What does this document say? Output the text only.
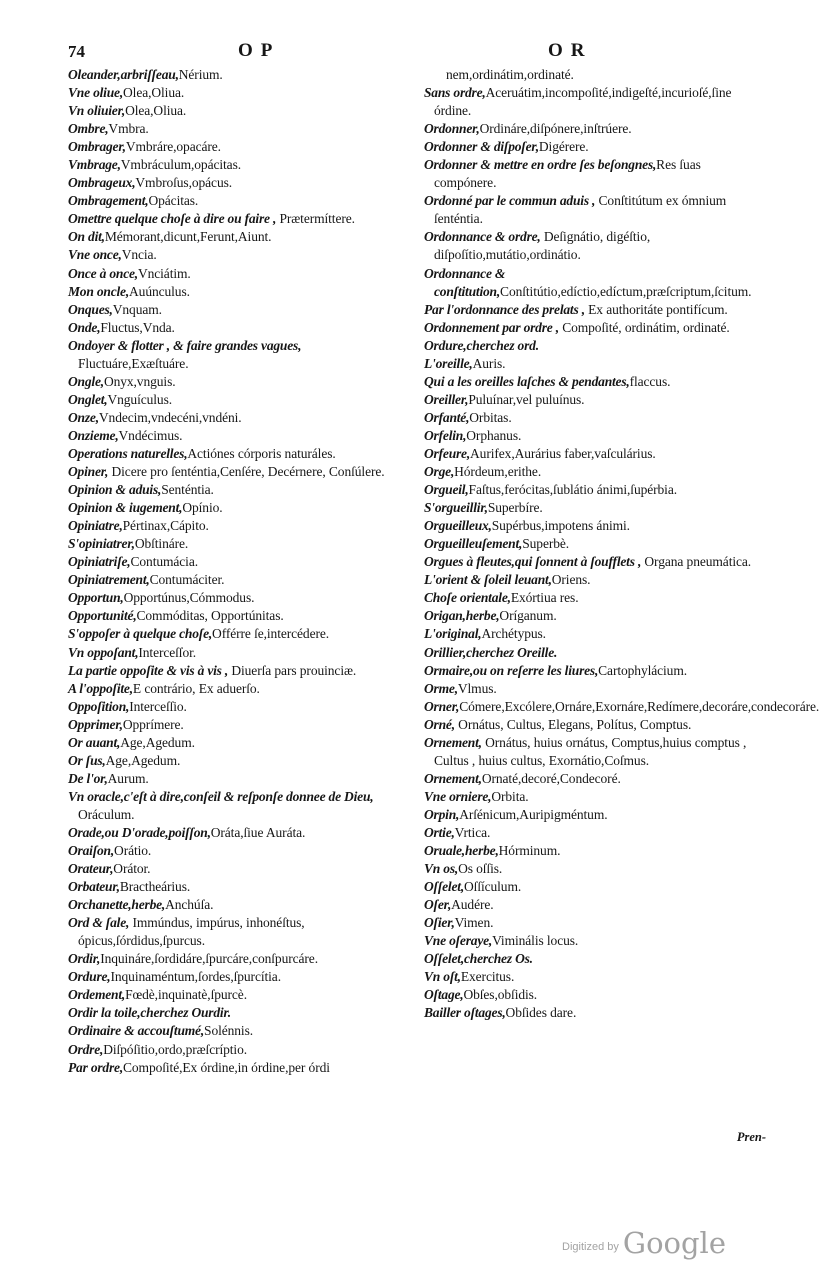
74	OP	OR
Oleander,arbriſſeau,Nérium.
Vne oliue,Olea,Oliua.
Vn oliuier,Olea,Oliua.
Ombre,Vmbra.
Ombrager,Vmbráre,opacáre.
Vmbrage,Vmbráculum,opácitas.
Ombrageux,Vmbroſus,opácus.
Ombragement,Opácitas.
Omettre quelque choſe à dire ou faire , Prætermíttere.
On dit,Mémorant,dicunt,Ferunt,Aiunt.
Vne once,Vncia.
Once à once,Vnciátim.
Mon oncle,Auúnculus.
Onques,Vnquam.
Onde,Fluctus,Vnda.
Ondoyer & flotter , & faire grandes vagues, Fluctuáre,Exæſtuáre.
Ongle,Onyx,vnguis.
Onglet,Vnguículus.
Onze,Vndecim,vndecéni,vndéni.
Onzieme,Vndécimus.
Operations naturelles,Actiónes córporis naturáles.
Opiner, Dicere pro ſenténtia,Cenſére, Decérnere, Conſúlere.
Opinion & aduis,Senténtia.
Opinion & iugement,Opínio.
Opiniatre,Pértinax,Cápito.
S'opiniatrer,Obſtináre.
Opiniatriſe,Contumácia.
Opiniatrement,Contumáciter.
Opportun,Opportúnus,Cómmodus.
Opportunité,Commóditas, Opportúnitas.
S'oppoſer à quelque choſe,Offérre ſe,intercédere.
Vn oppoſant,Interceſſor.
La partie oppoſite & vis à vis , Diuerſa pars prouinciæ.
A l'oppoſite,E contrário, Ex aduerſo.
Oppoſition,Interceſſio.
Opprimer,Opprímere.
Or auant,Age,Agedum.
Or ſus,Age,Agedum.
De l'or,Aurum.
Vn oracle,c'eſt à dire,conſeil & reſponſe donnee de Dieu, Oráculum.
Orade,ou D'orade,poiſſon,Oráta,ſiue Auráta.
Oraiſon,Orátio.
Orateur,Orátor.
Orbateur,Bractheárius.
Orchanette,herbe,Anchúſa.
Ord & ſale, Immúndus, impúrus, inhonéſtus, ópicus,ſórdidus,ſpurcus.
Ordir,Inquináre,ſordidáre,ſpurcáre,conſpurcáre.
Ordure,Inquinaméntum,ſordes,ſpurcítia.
Ordement,Fœdè,inquinatè,ſpurcè.
Ordir la toile,cherchez Ourdir.
Ordinaire & accouſtumé,Solénnis.
Ordre,Diſpóſitio,ordo,præſcríptio.
Par ordre,Compoſité,Ex órdine,in órdine,per órdi
nem,ordinátim,ordinaté.
Sans ordre,Aceruátim,incompoſité,indigeſté,incurioſé,ſine órdine.
Ordonner,Ordináre,diſpónere,inſtrúere.
Ordonner & diſpoſer,Digérere.
Ordonner & mettre en ordre ſes beſongnes,Res ſuas compónere.
Ordonné par le commun aduis , Conſtitútum ex ómnium ſenténtia.
Ordonnance & ordre, Deſignátio, digéſtio, diſpoſítio,mutátio,ordinátio.
Ordonnance & conſtitution,Conſtitútio,edíctio,edíctum,præſcriptum,ſcitum.
Par l'ordonnance des prelats , Ex authoritáte pontifícum.
Ordonnement par ordre , Compoſité, ordinátim, ordinaté.
Ordure,cherchez ord.
L'oreille,Auris.
Qui a les oreilles laſches & pendantes,flaccus.
Oreiller,Puluínar,vel puluínus.
Orfanté,Orbitas.
Orfelin,Orphanus.
Orfeure,Aurifex,Aurárius faber,vaſculárius.
Orge,Hórdeum,erithe.
Orgueil,Faſtus,ferócitas,ſublátio ánimi,ſupérbia.
S'orgueillir,Superbíre.
Orgueilleux,Supérbus,impotens ánimi.
Orgueilleuſement,Superbè.
Orgues à fleutes,qui ſonnent à ſoufflets , Organa pneumática.
L'orient & ſoleil leuant,Oriens.
Choſe orientale,Exórtiua res.
Origan,herbe,Oríganum.
L'original,Archétypus.
Orillier,cherchez Oreille.
Ormaire,ou on reſerre les liures,Cartophylácium.
Orme,Vlmus.
Orner,Cómere,Excólere,Ornáre,Exornáre,Redímere,decoráre,condecoráre.
Orné, Ornátus, Cultus, Elegans, Polítus, Comptus.
Ornement, Ornátus, huius ornátus, Comptus,huius comptus , Cultus , huius cultus, Exornátio,Coſmus.
Ornement,Ornaté,decoré,Condecoré.
Vne orniere,Orbita.
Orpin,Arſénicum,Auripigméntum.
Ortie,Vrtica.
Oruale,herbe,Hórminum.
Vn os,Os oſſis.
Oſſelet,Oſſículum.
Oſer,Audére.
Oſier,Vimen.
Vne oſeraye,Viminális locus.
Oſſelet,cherchez Os.
Vn oſt,Exercitus.
Oſtage,Obſes,obſidis.
Bailler oſtages,Obſides dare.
Pren-
Digitized by Google
